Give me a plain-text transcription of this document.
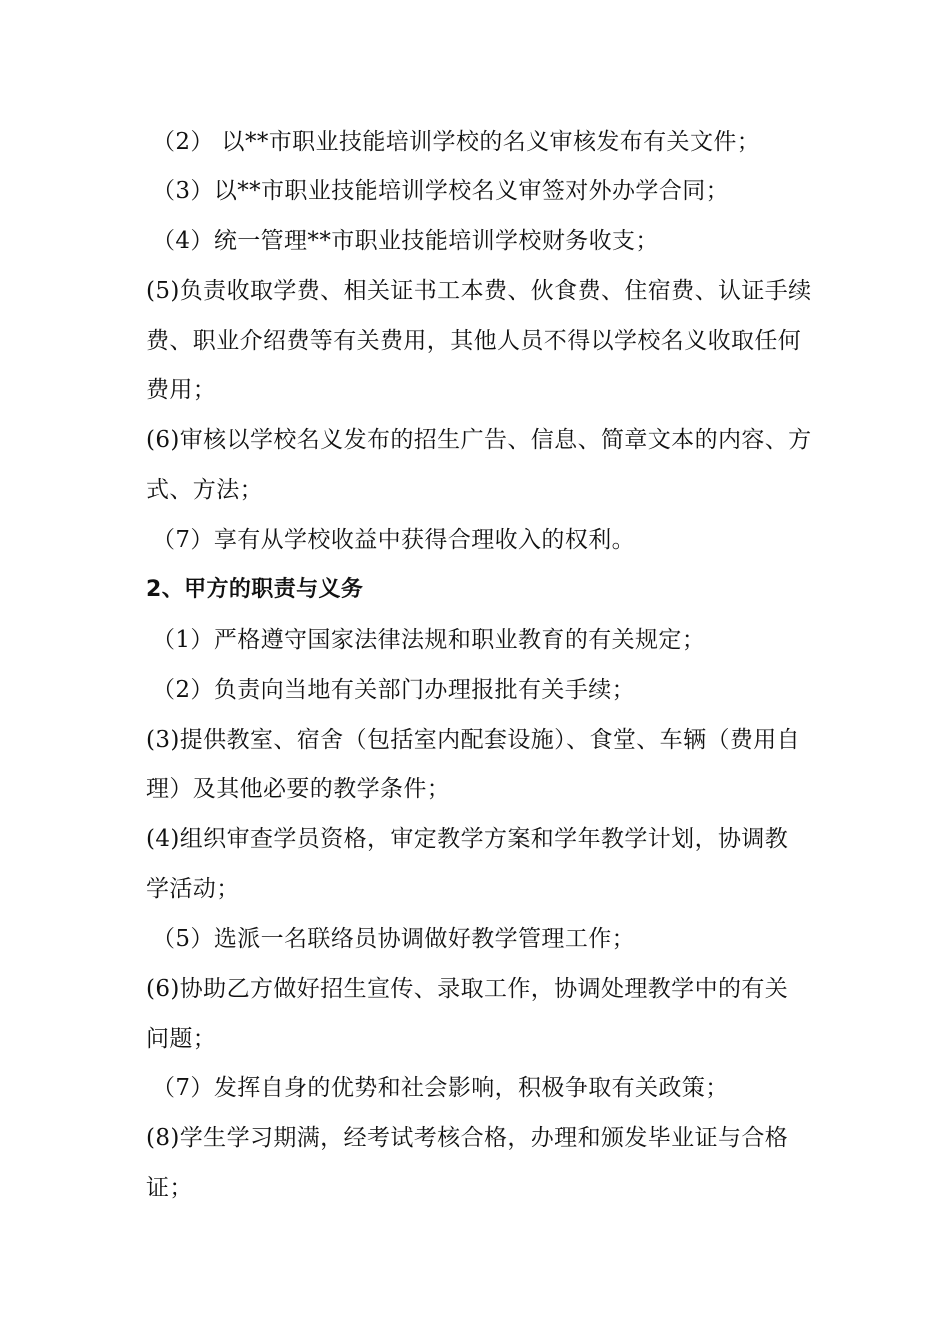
（2） 以**市职业技能培训学校的名义审核发布有关文件；
（3）以**市职业技能培训学校名义审签对外办学合同；
（4）统一管理**市职业技能培训学校财务收支；
(5)负责收取学费、相关证书工本费、伙食费、住宿费、认证手续
费、职业介绍费等有关费用，其他人员不得以学校名义收取任何
费用；
(6)审核以学校名义发布的招生广告、信息、简章文本的内容、方
式、方法；
（7）享有从学校收益中获得合理收入的权利。
2、甲方的职责与义务
（1）严格遵守国家法律法规和职业教育的有关规定；
（2）负责向当地有关部门办理报批有关手续；
(3)提供教室、宿舍（包括室内配套设施）、食堂、车辆（费用自
理）及其他必要的教学条件；
(4)组织审查学员资格，审定教学方案和学年教学计划，协调教
学活动；
（5）选派一名联络员协调做好教学管理工作；
(6)协助乙方做好招生宣传、录取工作，协调处理教学中的有关
问题；
（7）发挥自身的优势和社会影响，积极争取有关政策；
(8)学生学习期满，经考试考核合格，办理和颁发毕业证与合格
证；
